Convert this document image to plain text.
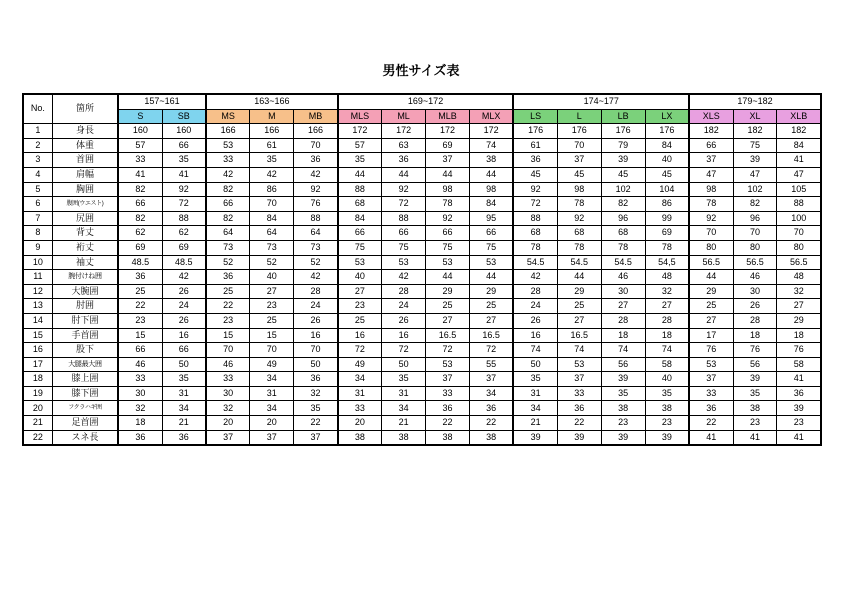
男性サイズ表
No.	箇所	157~161		163~166			169~172				174~177				179~182		
		S	SB	MS	M	MB	MLS	ML	MLB	MLX	LS	L	LB	LX	XLS	XL	XLB
1	身長	160	160	166	166	166	172	172	172	172	176	176	176	176	182	182	182
2	体重	57	66	53	61	70	57	63	69	74	61	70	79	84	66	75	84
3	首囲	33	35	33	35	36	35	36	37	38	36	37	39	40	37	39	41
4	肩幅	41	41	42	42	42	44	44	44	44	45	45	45	45	47	47	47
5	胸囲	82	92	82	86	92	88	92	98	98	92	98	102	104	98	102	105
6	腹囲(ウエスト)	66	72	66	70	76	68	72	78	84	72	78	82	86	78	82	88
7	尻囲	82	88	82	84	88	84	88	92	95	88	92	96	99	92	96	100
8	背丈	62	62	64	64	64	66	66	66	66	68	68	68	69	70	70	70
9	裄丈	69	69	73	73	73	75	75	75	75	78	78	78	78	80	80	80
10	袖丈	48.5	48.5	52	52	52	53	53	53	53	54.5	54.5	54.5	54,5	56.5	56.5	56.5
11	腕付けね囲	36	42	36	40	42	40	42	44	44	42	44	46	48	44	46	48
12	大腕囲	25	26	25	27	28	27	28	29	29	28	29	30	32	29	30	32
13	肘囲	22	24	22	23	24	23	24	25	25	24	25	27	27	25	26	27
14	肘下囲	23	26	23	25	26	25	26	27	27	26	27	28	28	27	28	29
15	手首囲	15	16	15	15	16	16	16	16.5	16.5	16	16.5	18	18	17	18	18
16	股下	66	66	70	70	70	72	72	72	72	74	74	74	74	76	76	76
17	大腿最大囲	46	50	46	49	50	49	50	53	55	50	53	56	58	53	56	58
18	膝上囲	33	35	33	34	36	34	35	37	37	35	37	39	40	37	39	41
19	膝下囲	30	31	30	31	32	31	31	33	34	31	33	35	35	33	35	36
20	フクラハギ囲	32	34	32	34	35	33	34	36	36	34	36	38	38	36	38	39
21	足首囲	18	21	20	20	22	20	21	22	22	21	22	23	23	22	23	23
22	スネ長	36	36	37	37	37	38	38	38	38	39	39	39	39	41	41	41
